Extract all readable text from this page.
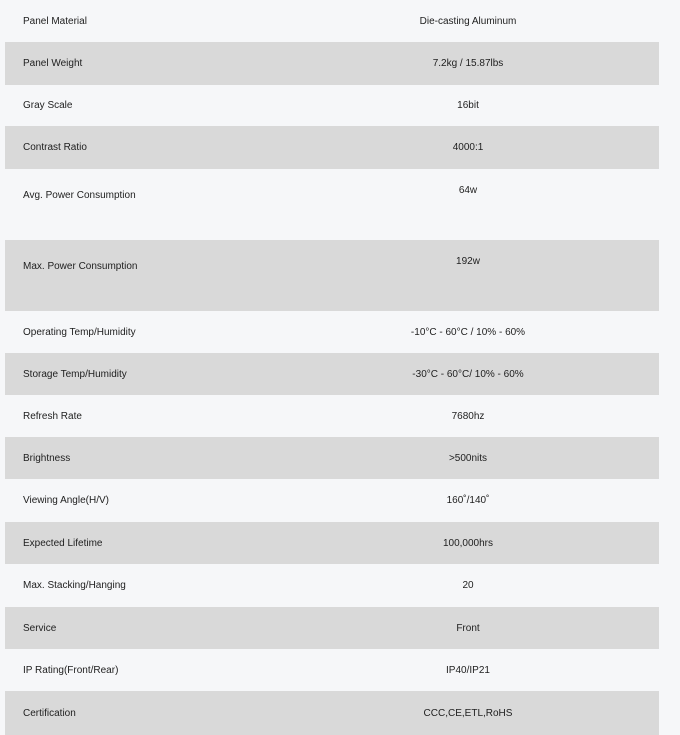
Panel Material	Die-casting Aluminum
Panel Weight	7.2kg / 15.87lbs
Gray Scale	16bit
Contrast Ratio	4000:1
Avg. Power Consumption	64w
Max. Power Consumption	192w
Operating Temp/Humidity	-10°C - 60°C / 10% - 60%
Storage Temp/Humidity	-30°C - 60°C/ 10% - 60%
Refresh Rate	7680hz
Brightness	>500nits
Viewing Angle(H/V)	160˚/140˚
Expected Lifetime	100,000hrs
Max. Stacking/Hanging	20
Service	Front
IP Rating(Front/Rear)	IP40/IP21
Certification	CCC,CE,ETL,RoHS
